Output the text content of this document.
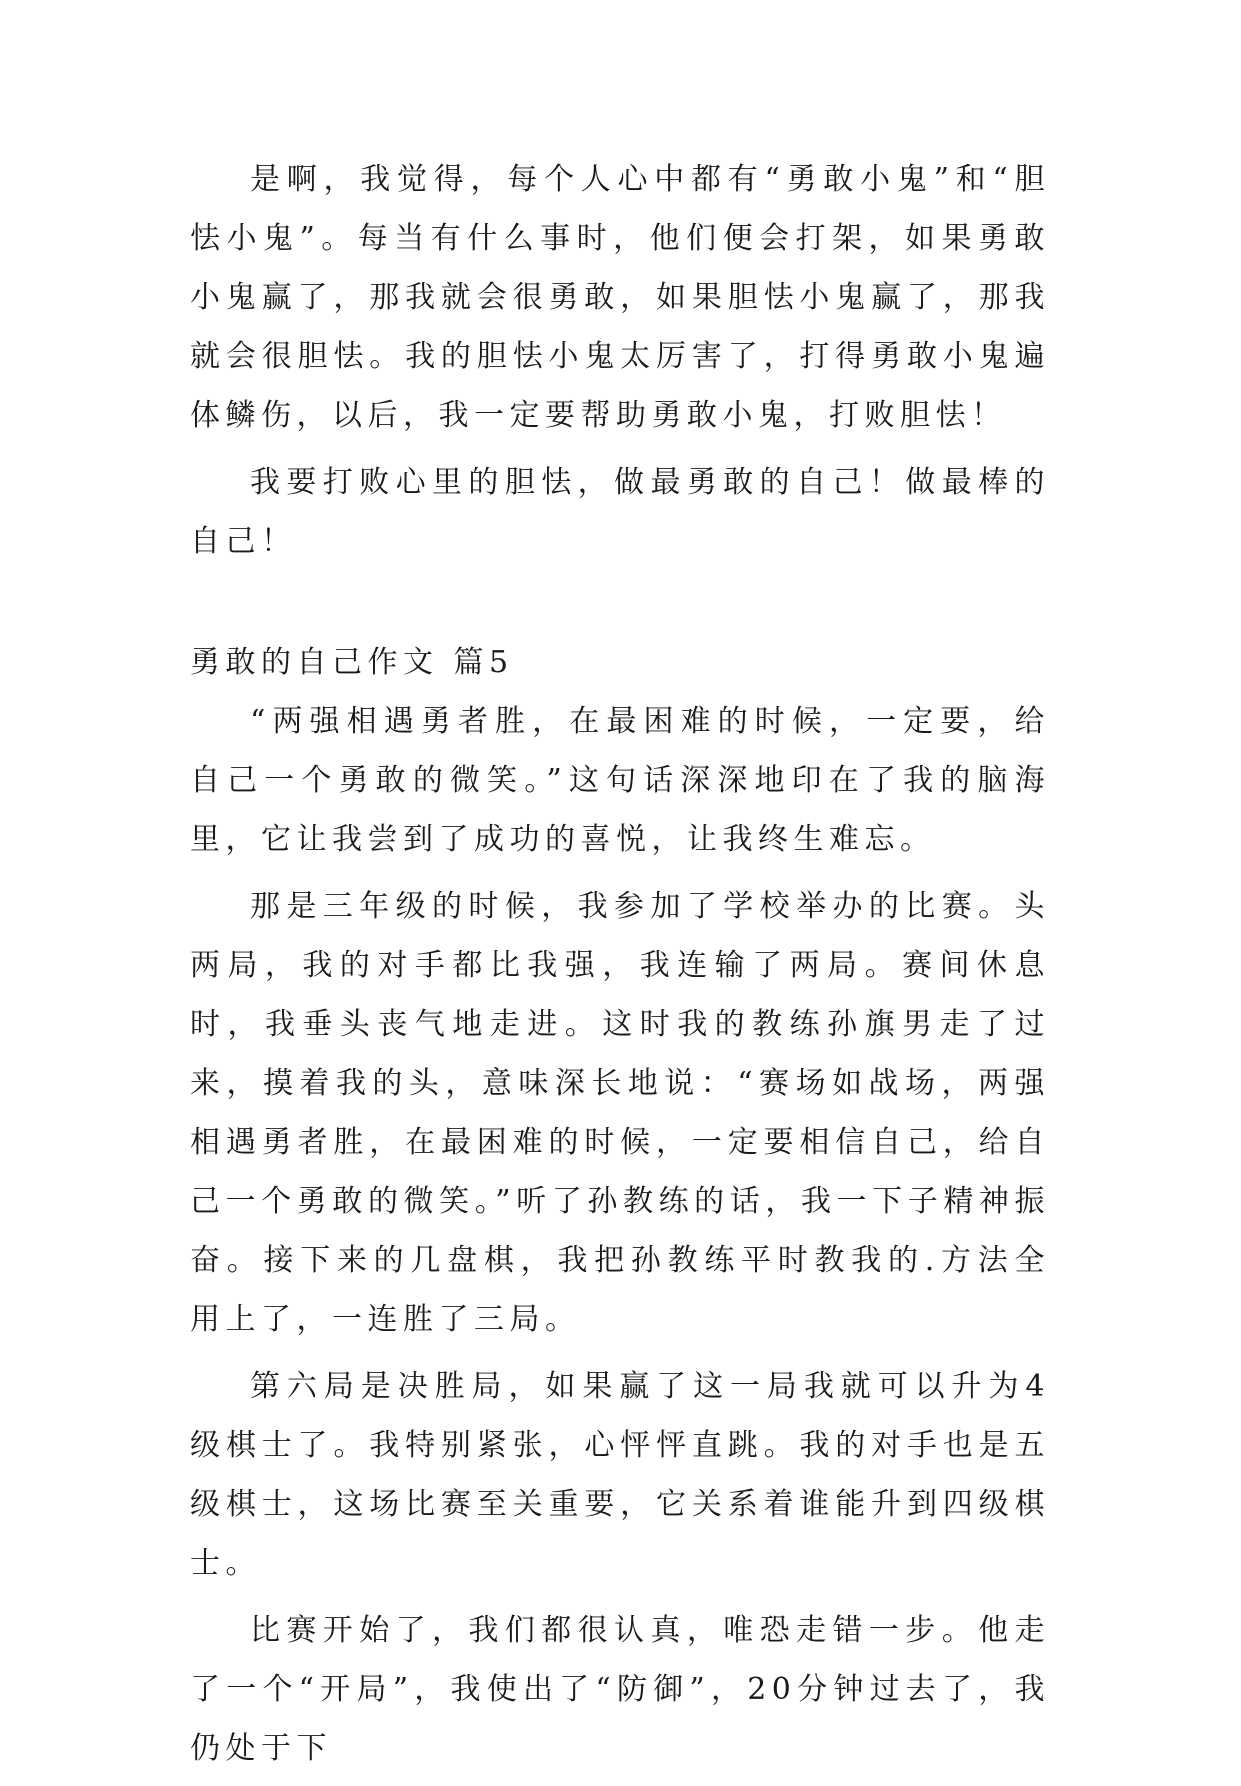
是啊，我觉得，每个人心中都有“勇敢小鬼”和“胆怯小鬼”。每当有什么事时，他们便会打架，如果勇敢小鬼赢了，那我就会很勇敢，如果胆怯小鬼赢了，那我就会很胆怯。我的胆怯小鬼太厉害了，打得勇敢小鬼遍体鳞伤，以后，我一定要帮助勇敢小鬼，打败胆怯！

我要打败心里的胆怯，做最勇敢的自己！做最棒的自己！

勇敢的自己作文 篇5

“两强相遇勇者胜，在最困难的时候，一定要，给自己一个勇敢的微笑。”这句话深深地印在了我的脑海里，它让我尝到了成功的喜悦，让我终生难忘。

那是三年级的时候，我参加了学校举办的比赛。头两局，我的对手都比我强，我连输了两局。赛间休息时，我垂头丧气地走进。这时我的教练孙旗男走了过来，摸着我的头，意味深长地说：“赛场如战场，两强相遇勇者胜，在最困难的时候，一定要相信自己，给自己一个勇敢的微笑。”听了孙教练的话，我一下子精神振奋。接下来的几盘棋，我把孙教练平时教我的.方法全用上了，一连胜了三局。

第六局是决胜局，如果赢了这一局我就可以升为4级棋士了。我特别紧张，心怦怦直跳。我的对手也是五级棋士，这场比赛至关重要，它关系着谁能升到四级棋士。

比赛开始了，我们都很认真，唯恐走错一步。他走了一个“开局”，我使出了“防御”，20分钟过去了，我仍处于下
